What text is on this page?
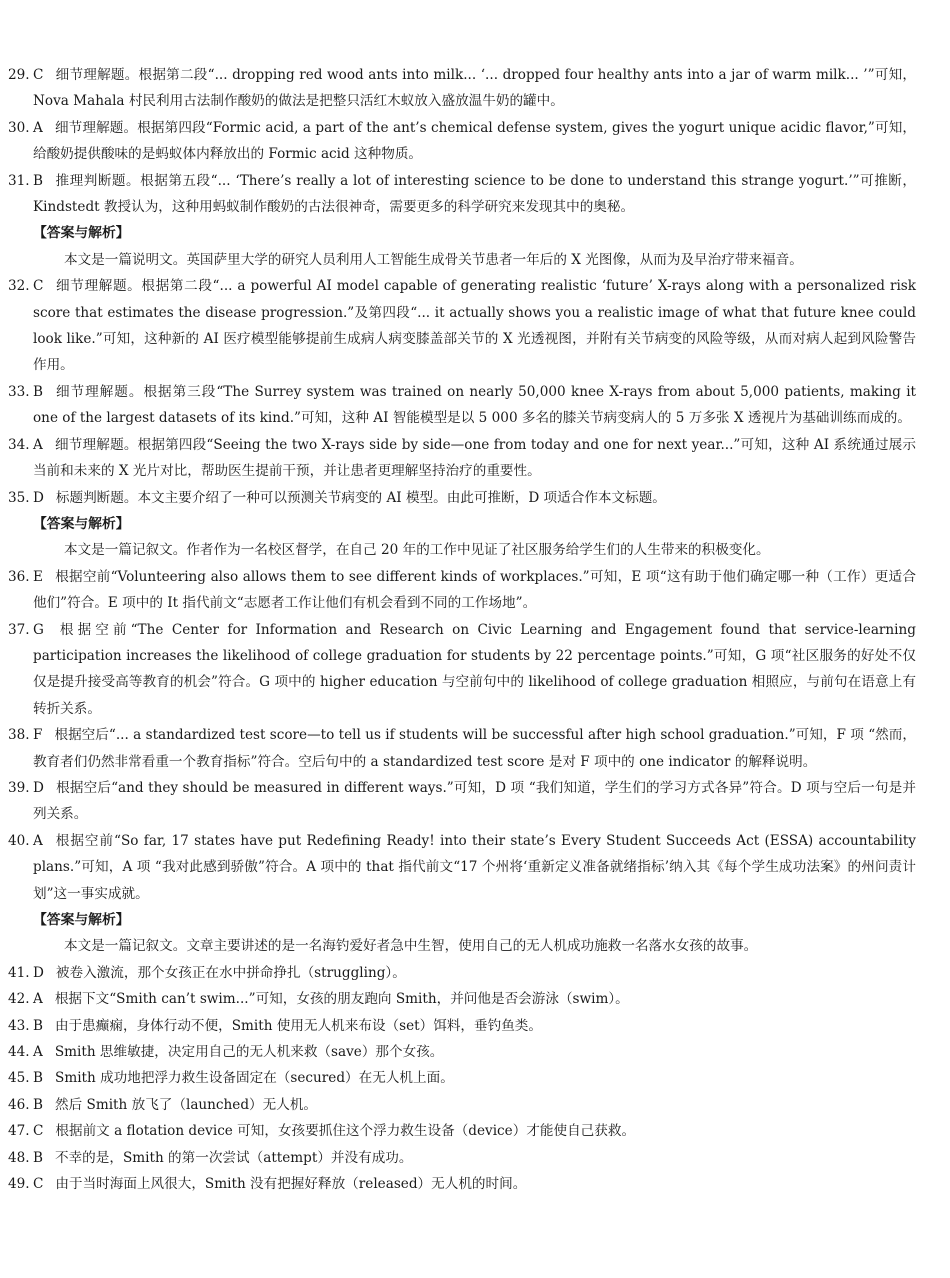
29. C 细节理解题。根据第二段“... dropping red wood ants into milk... ‘... dropped four healthy ants into a jar of warm milk... ’”可知，Nova Mahala 村民利用古法制作酸奶的做法是把整只活红木蚁放入盛放温牛奶的罐中。
30. A 细节理解题。根据第四段“Formic acid, a part of the ant’s chemical defense system, gives the yogurt unique acidic flavor,”可知，给酸奶提供酸味的是蚂蚁体内释放出的 Formic acid 这种物质。
31. B 推理判断题。根据第五段“... ‘There’s really a lot of interesting science to be done to understand this strange yogurt.’”可推断，Kindstedt 教授认为，这种用蚂蚁制作酸奶的古法很神奇，需要更多的科学研究来发现其中的奥秘。
【答案与解析】
本文是一篇说明文。英国萨里大学的研究人员利用人工智能生成骨关节患者一年后的 X 光图像，从而为及早治疗带来福音。
32. C 细节理解题。根据第二段“... a powerful AI model capable of generating realistic ‘future’ X-rays along with a personalized risk score that estimates the disease progression.”及第四段“... it actually shows you a realistic image of what that future knee could look like.”可知，这种新的 AI 医疗模型能够提前生成病人病变膝盖部关节的 X 光透视图，并附有关节病变的风险等级，从而对病人起到风险警告作用。
33. B 细节理解题。根据第三段“The Surrey system was trained on nearly 50,000 knee X-rays from about 5,000 patients, making it one of the largest datasets of its kind.”可知，这种 AI 智能模型是以 5 000 多名的膝关节病变病人的 5 万多张 X 透视片为基础训练而成的。
34. A 细节理解题。根据第四段“Seeing the two X-rays side by side—one from today and one for next year...”可知，这种 AI 系统通过展示当前和未来的 X 光片对比，帮助医生提前干预，并让患者更理解坚持治疗的重要性。
35. D 标题判断题。本文主要介绍了一种可以预测关节病变的 AI 模型。由此可推断，D 项适合作本文标题。
【答案与解析】
本文是一篇记叙文。作者作为一名校区督学，在自己 20 年的工作中见证了社区服务给学生们的人生带来的积极变化。
36. E 根据空前“Volunteering also allows them to see different kinds of workplaces.”可知，E 项“这有助于他们确定哪一种（工作）更适合他们”符合。E 项中的 It 指代前文“志愿者工作让他们有机会看到不同的工作场地”。
37. G 根据空前“The Center for Information and Research on Civic Learning and Engagement found that service-learning participation increases the likelihood of college graduation for students by 22 percentage points.”可知，G 项“社区服务的好处不仅仅是提升接受高等教育的机会”符合。G 项中的 higher education 与空前句中的 likelihood of college graduation 相照应，与前句在语意上有转折关系。
38. F 根据空后“... a standardized test score—to tell us if students will be successful after high school graduation.”可知，F 项 “然而，教育者们仍然非常看重一个教育指标”符合。空后句中的 a standardized test score 是对 F 项中的 one indicator 的解释说明。
39. D 根据空后“and they should be measured in different ways.”可知，D 项 “我们知道，学生们的学习方式各异”符合。D 项与空后一句是并列关系。
40. A 根据空前“So far, 17 states have put Redefining Ready! into their state’s Every Student Succeeds Act (ESSA) accountability plans.”可知，A 项 “我对此感到骄傲”符合。A 项中的 that 指代前文“17 个州将‘重新定义准备就绪指标’纳入其《每个学生成功法案》的州问责计划”这一事实成就。
【答案与解析】
本文是一篇记叙文。文章主要讲述的是一名海钓爱好者急中生智，使用自己的无人机成功施救一名落水女孩的故事。
41. D 被卷入激流，那个女孩正在水中拼命挣扎（struggling）。
42. A 根据下文“Smith can’t swim...”可知，女孩的朋友跑向 Smith，并问他是否会游泳（swim）。
43. B 由于患癫痫，身体行动不便，Smith 使用无人机来布设（set）饵料，垂钓鱼类。
44. A Smith 思维敏捷，决定用自己的无人机来救（save）那个女孩。
45. B Smith 成功地把浮力救生设备固定在（secured）在无人机上面。
46. B 然后 Smith 放飞了（launched）无人机。
47. C 根据前文 a flotation device 可知，女孩要抓住这个浮力救生设备（device）才能使自己获救。
48. B 不幸的是，Smith 的第一次尝试（attempt）并没有成功。
49. C 由于当时海面上风很大，Smith 没有把握好释放（released）无人机的时间。
